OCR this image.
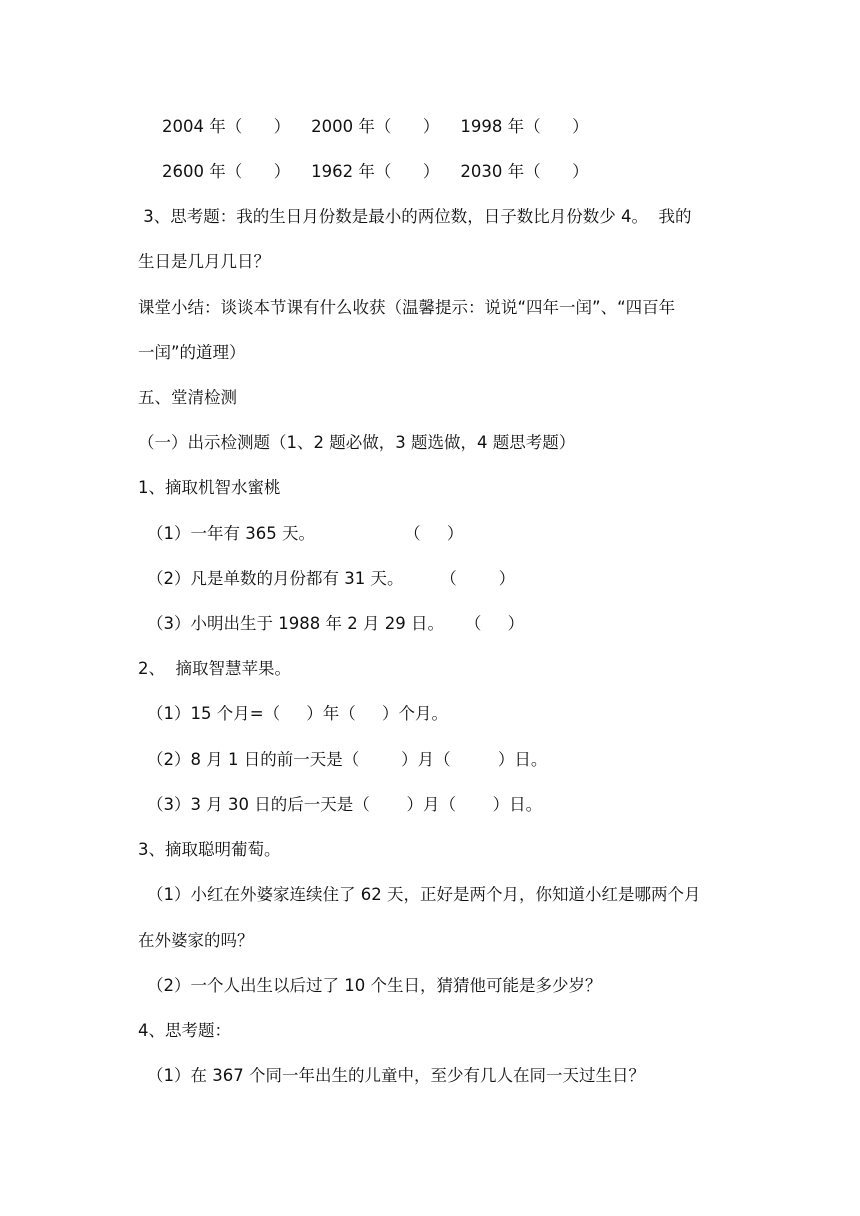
2004 年（      ）    2000 年（      ）    1998 年（      ）
2600 年（      ）    1962 年（      ）    2030 年（      ）
3、思考题：我的生日月份数是最小的两位数，日子数比月份数少 4。  我的
生日是几月几日？
课堂小结：谈谈本节课有什么收获（温馨提示：说说“四年一闰”、“四百年
一闰”的道理）
五、堂清检测
（一）出示检测题（1、2 题必做，3 题选做，4 题思考题）
1、摘取机智水蜜桃
（1）一年有 365 天。                 （     ）
（2）凡是单数的月份都有 31 天。       （        ）
（3）小明出生于 1988 年 2 月 29 日。    （     ）
2、  摘取智慧苹果。
（1）15 个月=（     ）年（     ）个月。
（2）8 月 1 日的前一天是（        ）月（         ）日。
（3）3 月 30 日的后一天是（       ）月（       ）日。
3、摘取聪明葡萄。
（1）小红在外婆家连续住了 62 天，正好是两个月，你知道小红是哪两个月
在外婆家的吗？
（2）一个人出生以后过了 10 个生日，猜猜他可能是多少岁？
4、思考题：
（1）在 367 个同一年出生的儿童中，至少有几人在同一天过生日？
